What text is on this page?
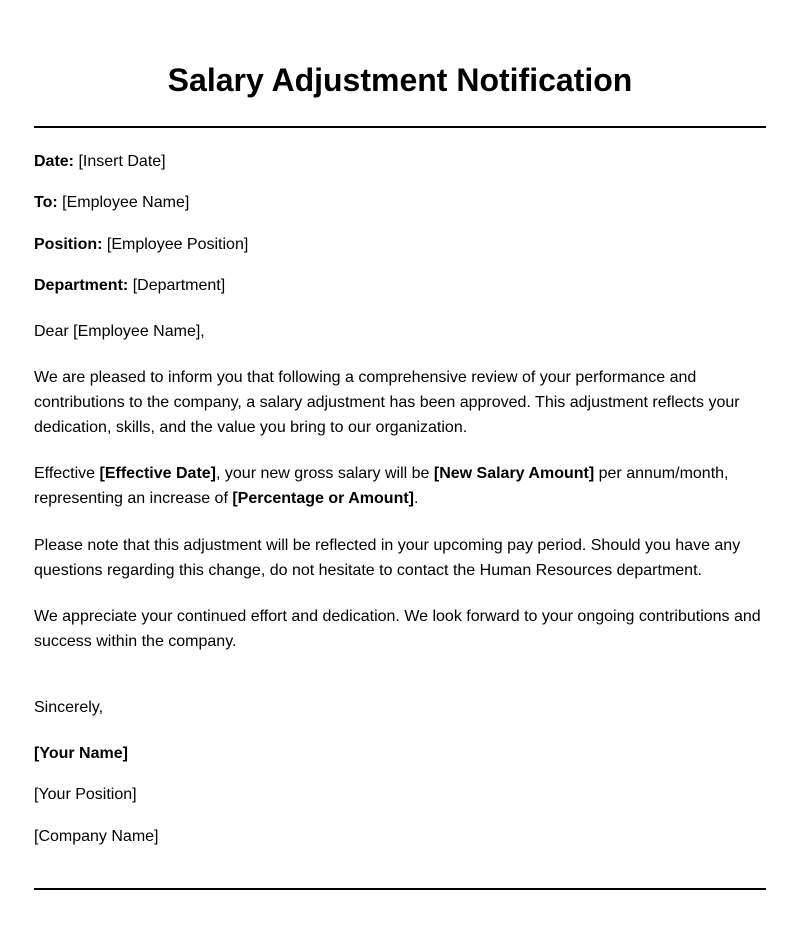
Salary Adjustment Notification

Date: [Insert Date]

To: [Employee Name]

Position: [Employee Position]

Department: [Department]

Dear [Employee Name],

We are pleased to inform you that following a comprehensive review of your performance and contributions to the company, a salary adjustment has been approved. This adjustment reflects your dedication, skills, and the value you bring to our organization.

Effective [Effective Date], your new gross salary will be [New Salary Amount] per annum/month, representing an increase of [Percentage or Amount].

Please note that this adjustment will be reflected in your upcoming pay period. Should you have any questions regarding this change, do not hesitate to contact the Human Resources department.

We appreciate your continued effort and dedication. We look forward to your ongoing contributions and success within the company.

Sincerely,

[Your Name]

[Your Position]

[Company Name]
